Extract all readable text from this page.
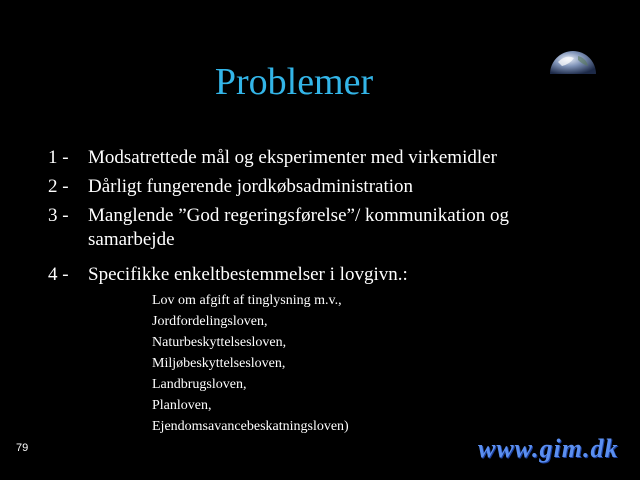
Problemer
1 - Modsatrettede mål og eksperimenter med virkemidler
2 - Dårligt fungerende jordkøbsadministration
3 - Manglende ”God regeringsførelse”/ kommunikation og samarbejde
4 - Specifikke enkeltbestemmelser i lovgivn.:
Lov om afgift af tinglysning m.v.,
Jordfordelingsloven,
Naturbeskyttelsesloven,
Miljøbeskyttelsesloven,
Landbrugsloven,
Planloven,
Ejendomsavancebeskatningsloven)
79	www.gim.dk
